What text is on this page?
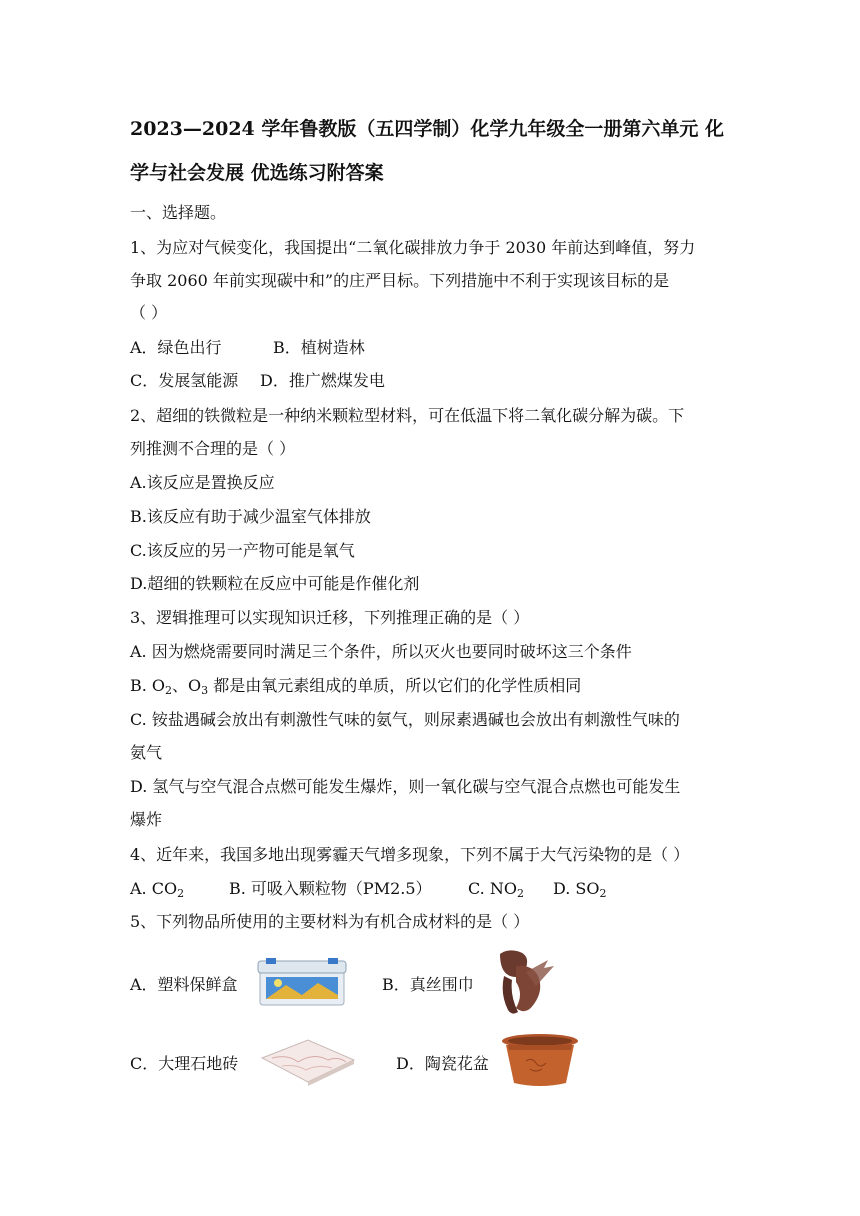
2023—2024 学年鲁教版（五四学制）化学九年级全一册第六单元 化
学与社会发展 优选练习附答案
一、选择题。
1、为应对气候变化，我国提出“二氧化碳排放力争于 2030 年前达到峰值，努力
争取 2060 年前实现碳中和”的庄严目标。下列措施中不利于实现该目标的是
（ ）
A．绿色出行	B．植树造林
C．发展氢能源 D．推广燃煤发电
2、超细的铁微粒是一种纳米颗粒型材料，可在低温下将二氧化碳分解为碳。下
列推测不合理的是（ ）
A.该反应是置换反应
B.该反应有助于减少温室气体排放
C.该反应的另一产物可能是氧气
D.超细的铁颗粒在反应中可能是作催化剂
3、逻辑推理可以实现知识迁移，下列推理正确的是（ ）
A. 因为燃烧需要同时满足三个条件，所以灭火也要同时破坏这三个条件
B. $O_2$、$O_3$ 都是由氧元素组成的单质，所以它们的化学性质相同
C. 铵盐遇碱会放出有刺激性气味的氨气，则尿素遇碱也会放出有刺激性气味的
氨气
D. 氢气与空气混合点燃可能发生爆炸，则一氧化碳与空气混合点燃也可能发生
爆炸
4、近年来，我国多地出现雾霾天气增多现象，下列不属于大气污染物的是（ ）
A. $CO_2$	B. 可吸入颗粒物（PM2.5） C. $NO_2$ D. $SO_2$
5、下列物品所使用的主要材料为有机合成材料的是（ ）
A．塑料保鲜盒	B．真丝围巾
C．大理石地砖	D．陶瓷花盆
